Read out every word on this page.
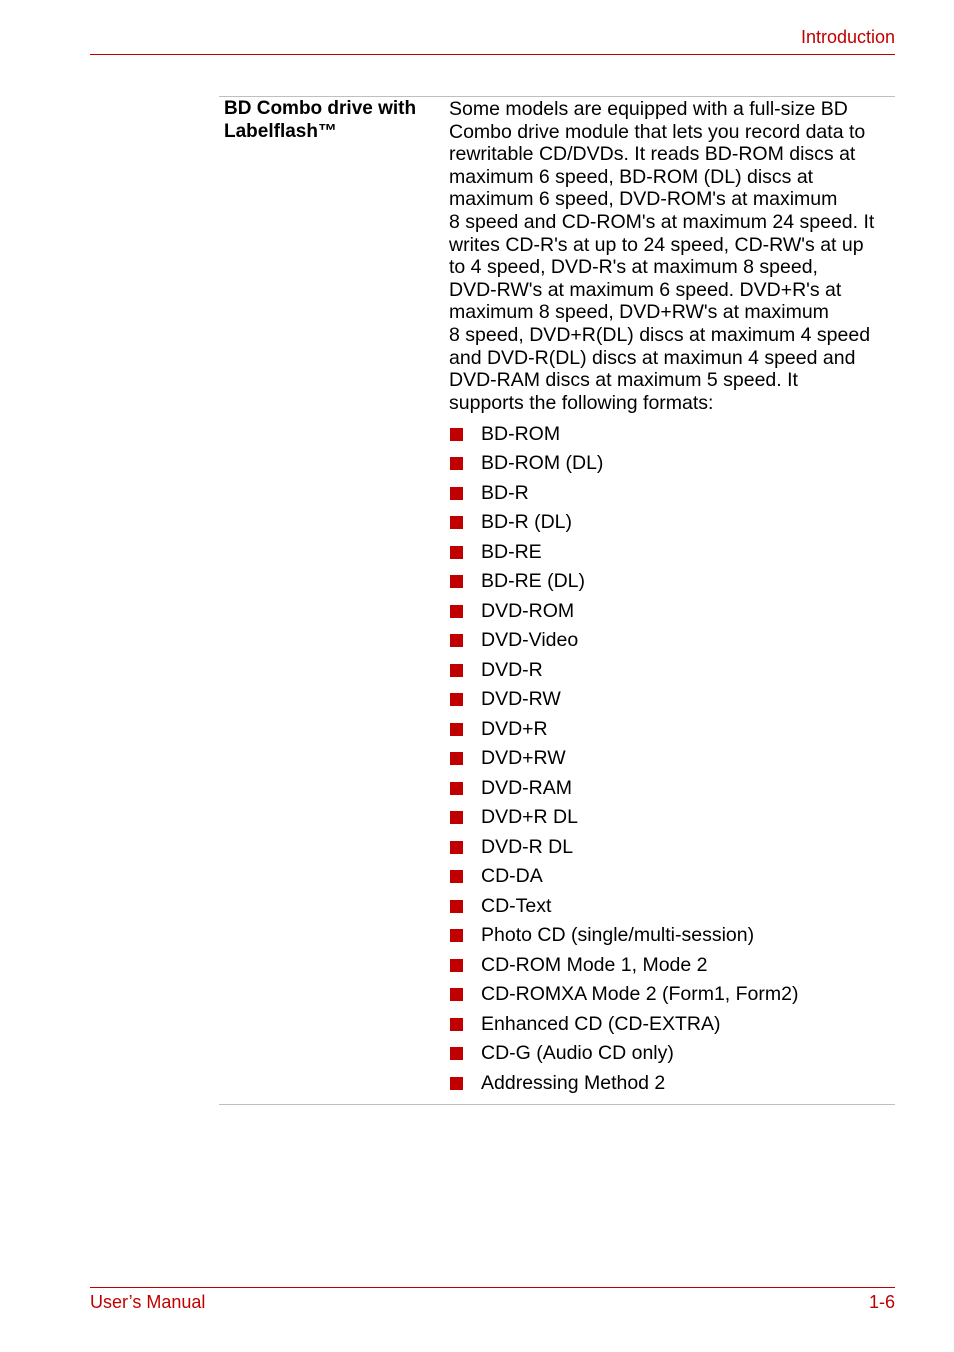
Introduction
BD Combo drive with Labelflash™

Some models are equipped with a full-size BD
Combo drive module that lets you record data to
rewritable CD/DVDs. It reads BD-ROM discs at
maximum 6 speed, BD-ROM (DL) discs at
maximum 6 speed, DVD-ROM's at maximum
8 speed and CD-ROM's at maximum 24 speed. It
writes CD-R's at up to 24 speed, CD-RW's at up
to 4 speed, DVD-R's at maximum 8 speed,
DVD-RW's at maximum 6 speed. DVD+R's at
maximum 8 speed, DVD+RW's at maximum
8 speed, DVD+R(DL) discs at maximum 4 speed
and DVD-R(DL) discs at maximun 4 speed and
DVD-RAM discs at maximum 5 speed. It
supports the following formats:

BD-ROM
BD-ROM (DL)
BD-R
BD-R (DL)
BD-RE
BD-RE (DL)
DVD-ROM
DVD-Video
DVD-R
DVD-RW
DVD+R
DVD+RW
DVD-RAM
DVD+R DL
DVD-R DL
CD-DA
CD-Text
Photo CD (single/multi-session)
CD-ROM Mode 1, Mode 2
CD-ROMXA Mode 2 (Form1, Form2)
Enhanced CD (CD-EXTRA)
CD-G (Audio CD only)
Addressing Method 2
User’s Manual	1-6
